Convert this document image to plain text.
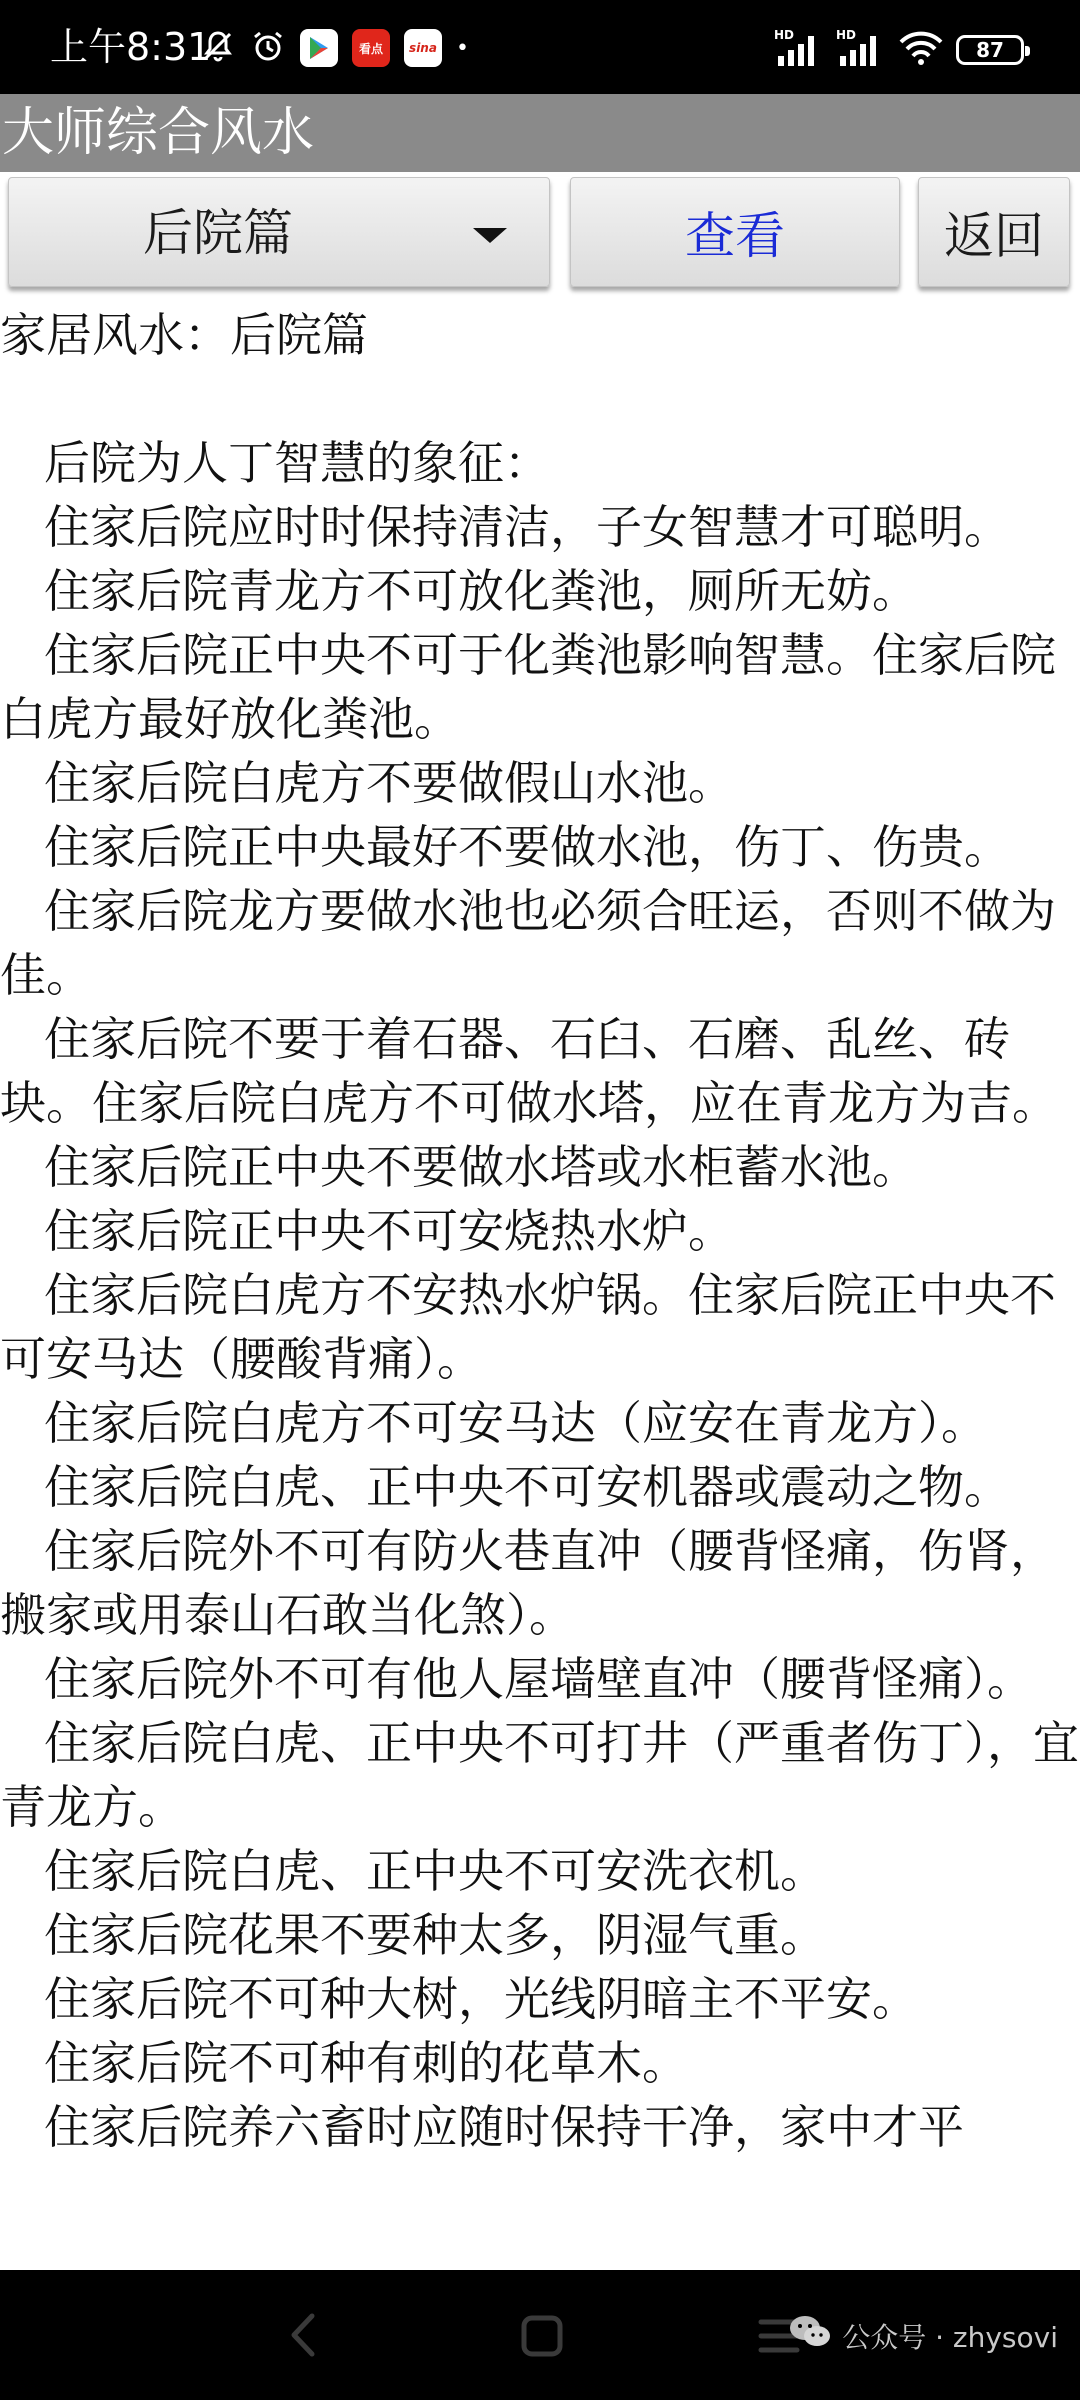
上午8:31	看点	sina •
HD	HD
87
大师综合风水
后院篇	查看	返回

家居风水：后院篇

后院为人丁智慧的象征：

住家后院应时时保持清洁，子女智慧才可聪明。

住家后院青龙方不可放化粪池，厕所无妨。

住家后院正中央不可于化粪池影响智慧。住家后院白虎方最好放化粪池。

住家后院白虎方不要做假山水池。

住家后院正中央最好不要做水池，伤丁、伤贵。

住家后院龙方要做水池也必须合旺运，否则不做为佳。

住家后院不要于着石器、石臼、石磨、乱丝、砖块。住家后院白虎方不可做水塔，应在青龙方为吉。

住家后院正中央不要做水塔或水柜蓄水池。

住家后院正中央不可安烧热水炉。

住家后院白虎方不安热水炉锅。住家后院正中央不可安马达（腰酸背痛）。

住家后院白虎方不可安马达（应安在青龙方）。

住家后院白虎、正中央不可安机器或震动之物。

住家后院外不可有防火巷直冲（腰背怪痛，伤肾，搬家或用泰山石敢当化煞）。

住家后院外不可有他人屋墙壁直冲（腰背怪痛）。

住家后院白虎、正中央不可打井（严重者伤丁），宜青龙方。

住家后院白虎、正中央不可安洗衣机。

住家后院花果不要种太多，阴湿气重。

住家后院不可种大树，光线阴暗主不平安。

住家后院不可种有刺的花草木。

住家后院养六畜时应随时保持干净，家中才平

公众号 · zhysovi
